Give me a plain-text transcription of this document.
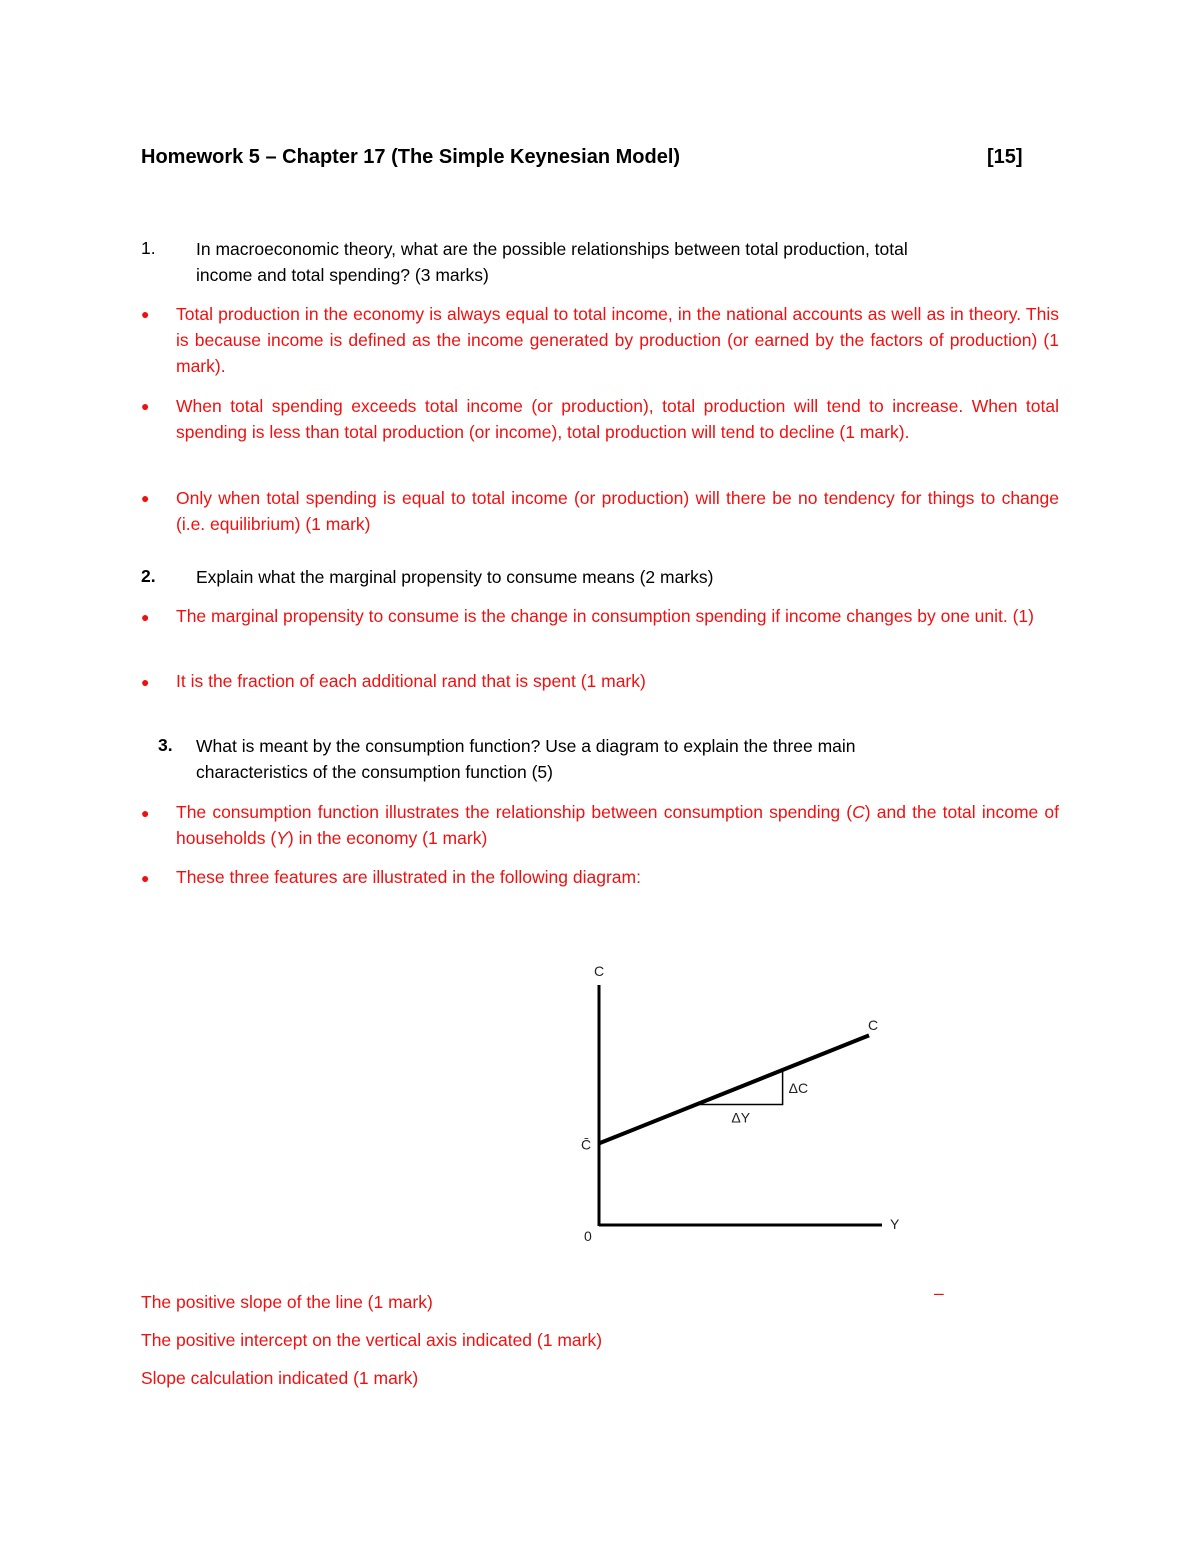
Homework 5 – Chapter 17 (The Simple Keynesian Model)	[15]
1. In macroeconomic theory, what are the possible relationships between total production, total
income and total spending? (3 marks)
● Total production in the economy is always equal to total income, in the national accounts as well as in theory. This is because income is defined as the income generated by production (or earned by the factors of production) (1 mark).
● When total spending exceeds total income (or production), total production will tend to increase. When total spending is less than total production (or income), total production will tend to decline (1 mark).
● Only when total spending is equal to total income (or production) will there be no tendency for things to change (i.e. equilibrium) (1 mark)
2. Explain what the marginal propensity to consume means (2 marks)
● The marginal propensity to consume is the change in consumption spending if income changes by one unit. (1)
● It is the fraction of each additional rand that is spent (1 mark)
3. What is meant by the consumption function? Use a diagram to explain the three main
characteristics of the consumption function (5)
● The consumption function illustrates the relationship between consumption spending (C) and the total income of households (Y) in the economy (1 mark)
● These three features are illustrated in the following diagram:
C
C
C̄
0
Y
ΔC
ΔY
–
The positive slope of the line (1 mark)
The positive intercept on the vertical axis indicated (1 mark)
Slope calculation indicated (1 mark)
